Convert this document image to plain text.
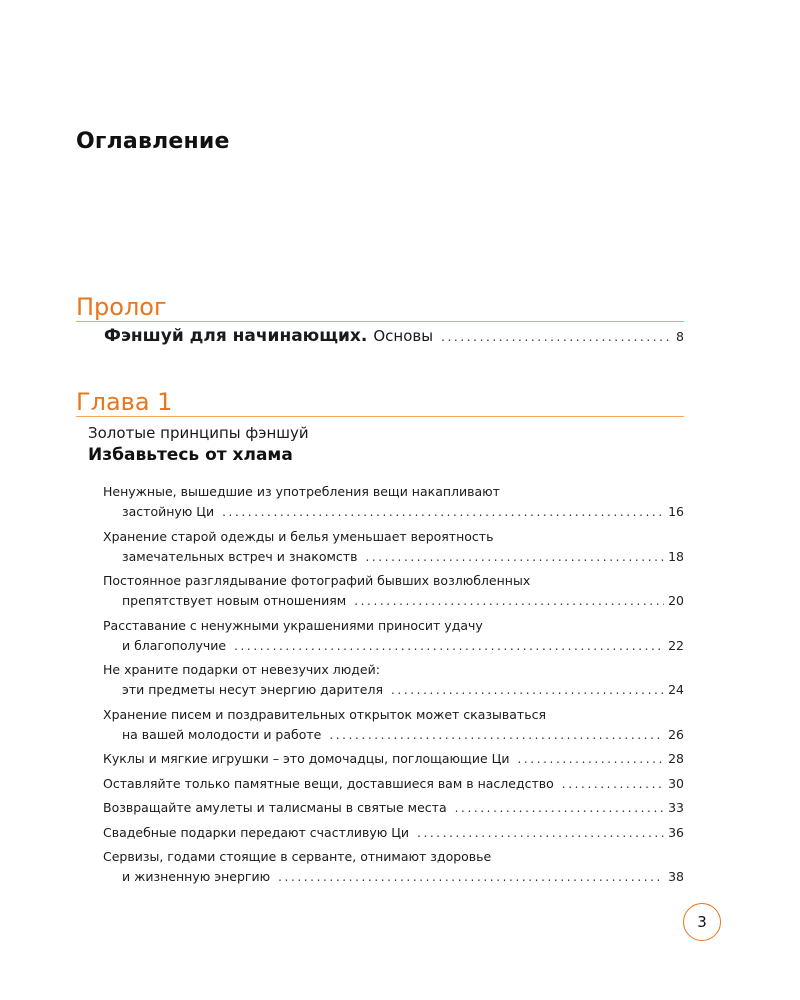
Оглавление
Пролог
Фэншуй для начинающих. Основы .....	8
Глава 1
Золотые принципы фэншуй
Избавьтесь от хлама
Ненужные, вышедшие из употребления вещи накапливают
застойную Ци .....	16
Хранение старой одежды и белья уменьшает вероятность
замечательных встреч и знакомств .....	18
Постоянное разглядывание фотографий бывших возлюбленных
препятствует новым отношениям .....	20
Расставание с ненужными украшениями приносит удачу
и благополучие .....	22
Не храните подарки от невезучих людей:
эти предметы несут энергию дарителя .....	24
Хранение писем и поздравительных открыток может сказываться
на вашей молодости и работе .....	26
Куклы и мягкие игрушки – это домочадцы, поглощающие Ци .....	28
Оставляйте только памятные вещи, доставшиеся вам в наследство .....	30
Возвращайте амулеты и талисманы в святые места .....	33
Свадебные подарки передают счастливую Ци .....	36
Сервизы, годами стоящие в серванте, отнимают здоровье
и жизненную энергию .....	38
3
